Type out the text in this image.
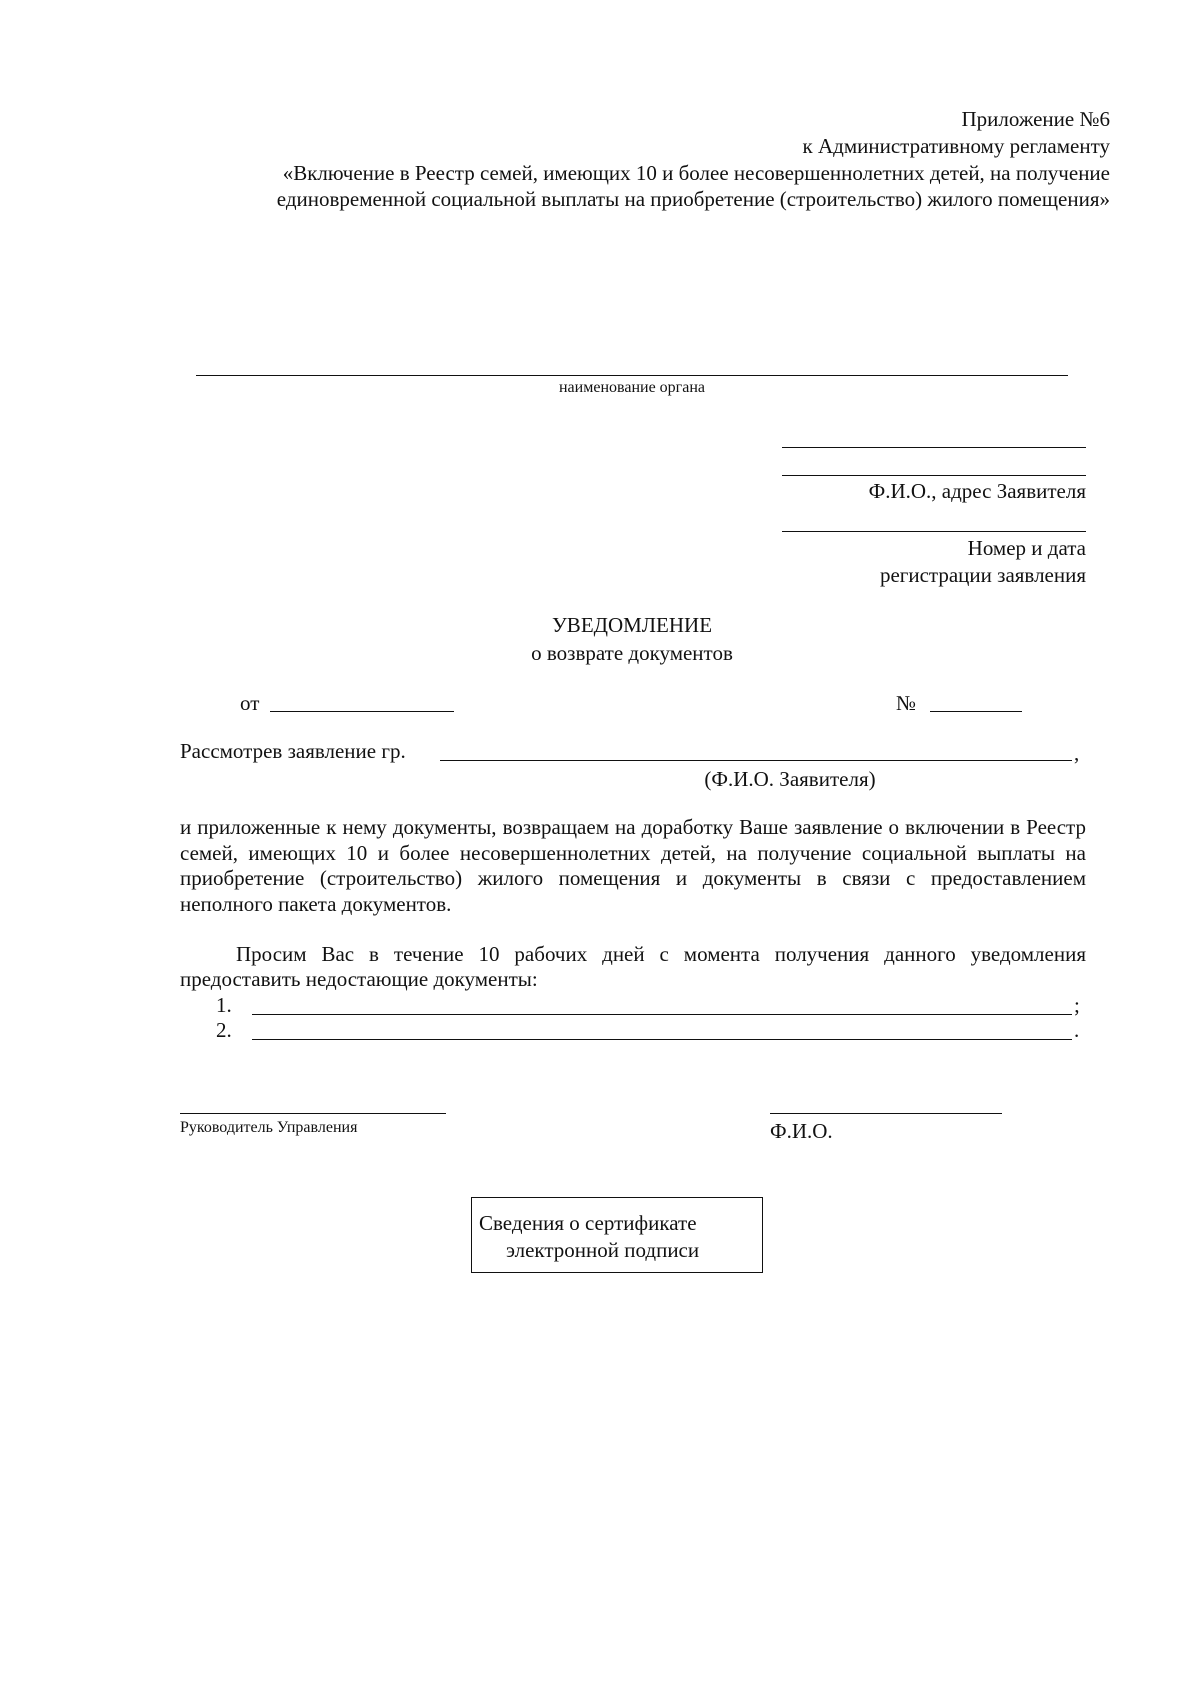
Приложение №6
к Административному регламенту
«Включение в Реестр семей, имеющих 10 и более несовершеннолетних детей, на получение
единовременной социальной выплаты на приобретение (строительство) жилого помещения»
наименование органа
Ф.И.О., адрес Заявителя
Номер и дата
регистрации заявления
УВЕДОМЛЕНИЕ
о возврате документов
от	№
Рассмотрев заявление гр.	,
(Ф.И.О. Заявителя)
и приложенные к нему документы, возвращаем на доработку Ваше заявление о включении в Реестр семей, имеющих 10 и более несовершеннолетних детей, на получение социальной выплаты на приобретение (строительство) жилого помещения и документы в связи с предоставлением неполного пакета документов.
Просим Вас в течение 10 рабочих дней с момента получения данного уведомления
предоставить недостающие документы:
1.	;
2.	.
Руководитель Управления	Ф.И.О.
Сведения о сертификате
электронной подписи
